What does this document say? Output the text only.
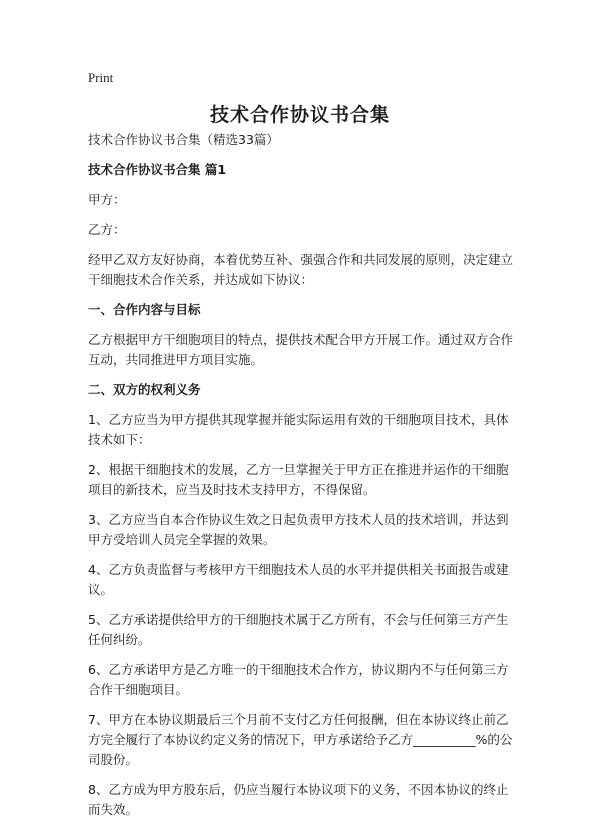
Print
技术合作协议书合集

技术合作协议书合集（精选33篇）

技术合作协议书合集 篇1

甲方：

乙方：

经甲乙双方友好协商，本着优势互补、强强合作和共同发展的原则，决定建立干细胞技术合作关系，并达成如下协议：

一、合作内容与目标

乙方根据甲方干细胞项目的特点，提供技术配合甲方开展工作。通过双方合作互动，共同推进甲方项目实施。

二、双方的权利义务

1、乙方应当为甲方提供其现掌握并能实际运用有效的干细胞项目技术，具体技术如下：

2、根据干细胞技术的发展，乙方一旦掌握关于甲方正在推进并运作的干细胞项目的新技术，应当及时技术支持甲方，不得保留。

3、乙方应当自本合作协议生效之日起负责甲方技术人员的技术培训，并达到甲方受培训人员完全掌握的效果。

4、乙方负责监督与考核甲方干细胞技术人员的水平并提供相关书面报告或建议。

5、乙方承诺提供给甲方的干细胞技术属于乙方所有，不会与任何第三方产生任何纠纷。

6、乙方承诺甲方是乙方唯一的干细胞技术合作方，协议期内不与任何第三方合作干细胞项目。

7、甲方在本协议期最后三个月前不支付乙方任何报酬，但在本协议终止前乙方完全履行了本协议约定义务的情况下，甲方承诺给予乙方__________%的公司股份。

8、乙方成为甲方股东后，仍应当履行本协议项下的义务，不因本协议的终止而失效。
